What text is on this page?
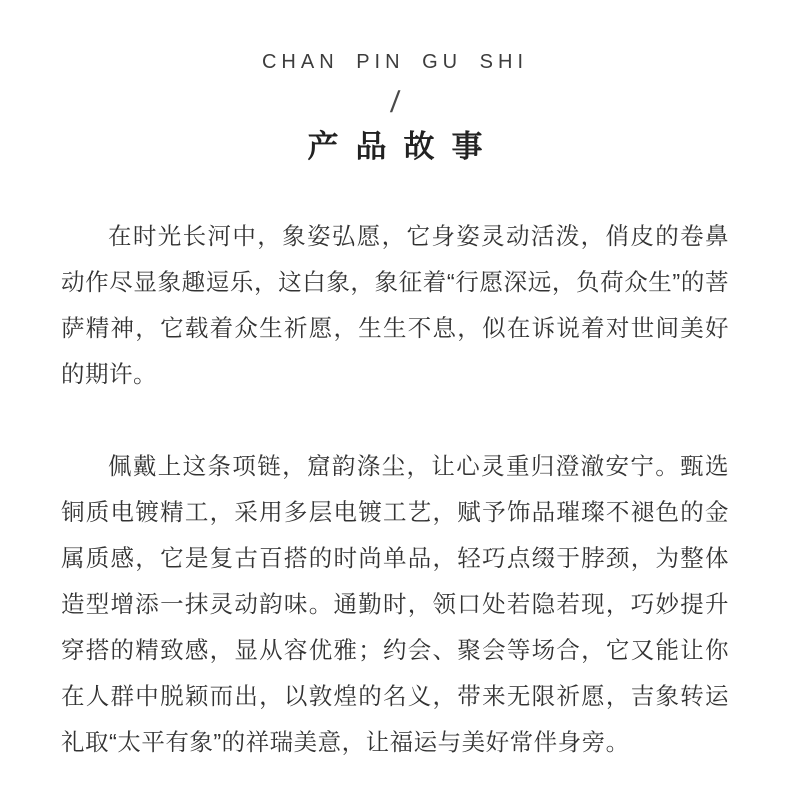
CHAN PIN GU SHI
/
产品故事

在时光长河中，象姿弘愿，它身姿灵动活泼，俏皮的卷鼻动作尽显象趣逗乐，这白象，象征着“行愿深远，负荷众生”的菩萨精神，它载着众生祈愿，生生不息，似在诉说着对世间美好的期许。

佩戴上这条项链，窟韵涤尘，让心灵重归澄澈安宁。甄选铜质电镀精工，采用多层电镀工艺，赋予饰品璀璨不褪色的金属质感，它是复古百搭的时尚单品，轻巧点缀于脖颈，为整体造型增添一抹灵动韵味。通勤时，领口处若隐若现，巧妙提升穿搭的精致感，显从容优雅；约会、聚会等场合，它又能让你在人群中脱颖而出，以敦煌的名义，带来无限祈愿，吉象转运礼取“太平有象”的祥瑞美意，让福运与美好常伴身旁。
